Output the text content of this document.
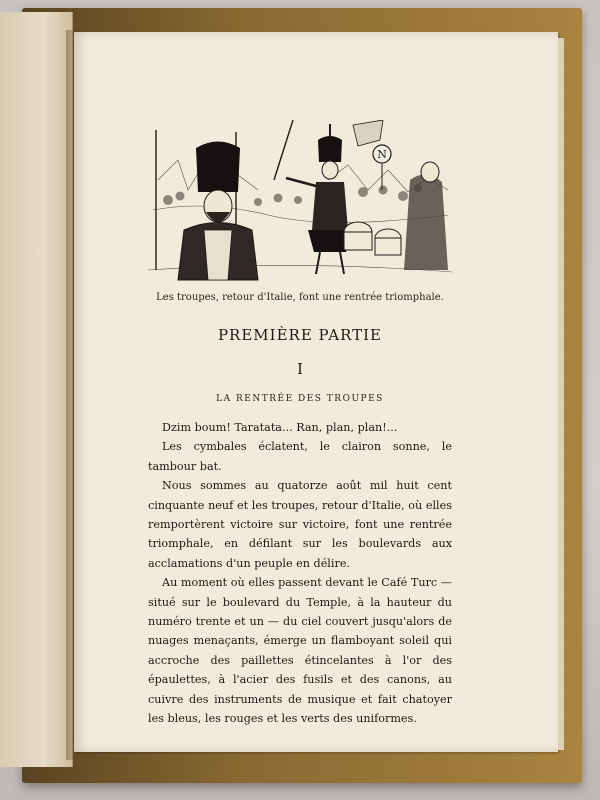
N
Les troupes, retour d'Italie, font une rentrée triomphale.
PREMIÈRE PARTIE
I
LA RENTRÉE DES TROUPES

Dzim boum! Taratata... Ran, plan, plan!...

Les cymbales éclatent, le clairon sonne, le tambour bat.

Nous sommes au quatorze août mil huit cent cinquante neuf et les troupes, retour d'Italie, où elles remportèrent victoire sur victoire, font une rentrée triomphale, en défilant sur les boulevards aux acclamations d'un peuple en délire.

Au moment où elles passent devant le Café Turc — situé sur le boulevard du Temple, à la hauteur du numéro trente et un — du ciel couvert jusqu'alors de nuages menaçants, émerge un flamboyant soleil qui accroche des paillettes étincelantes à l'or des épaulettes, à l'acier des fusils et des canons, au cuivre des instruments de musique et fait chatoyer les bleus, les rouges et les verts des uniformes.
